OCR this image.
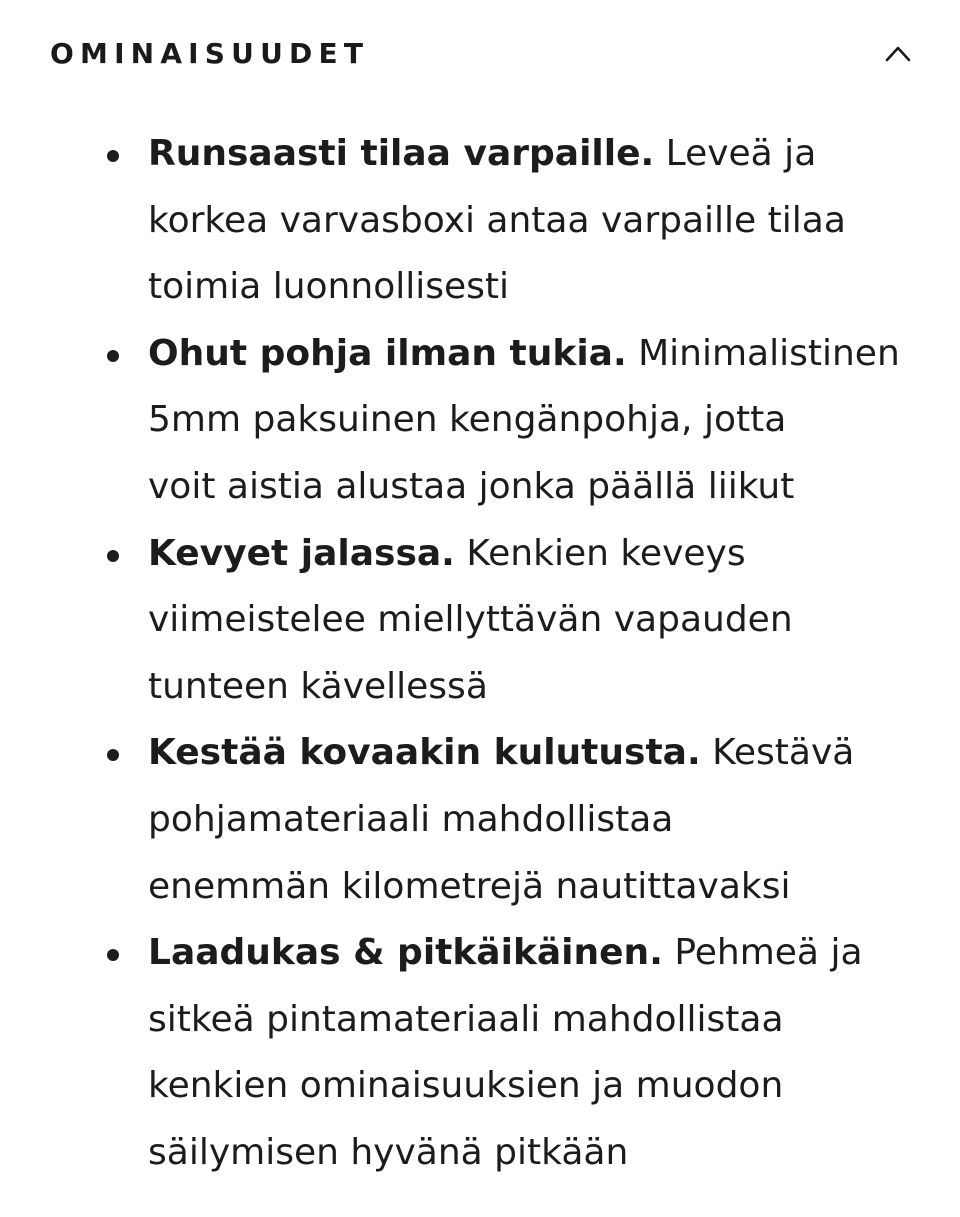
OMINAISUUDET
Runsaasti tilaa varpaille. Leveä ja
korkea varvasboxi antaa varpaille tilaa
toimia luonnollisesti
Ohut pohja ilman tukia. Minimalistinen
5mm paksuinen kengänpohja, jotta
voit aistia alustaa jonka päällä liikut
Kevyet jalassa. Kenkien keveys
viimeistelee miellyttävän vapauden
tunteen kävellessä
Kestää kovaakin kulutusta. Kestävä
pohjamateriaali mahdollistaa
enemmän kilometrejä nautittavaksi
Laadukas & pitkäikäinen. Pehmeä ja
sitkeä pintamateriaali mahdollistaa
kenkien ominaisuuksien ja muodon
säilymisen hyvänä pitkään
